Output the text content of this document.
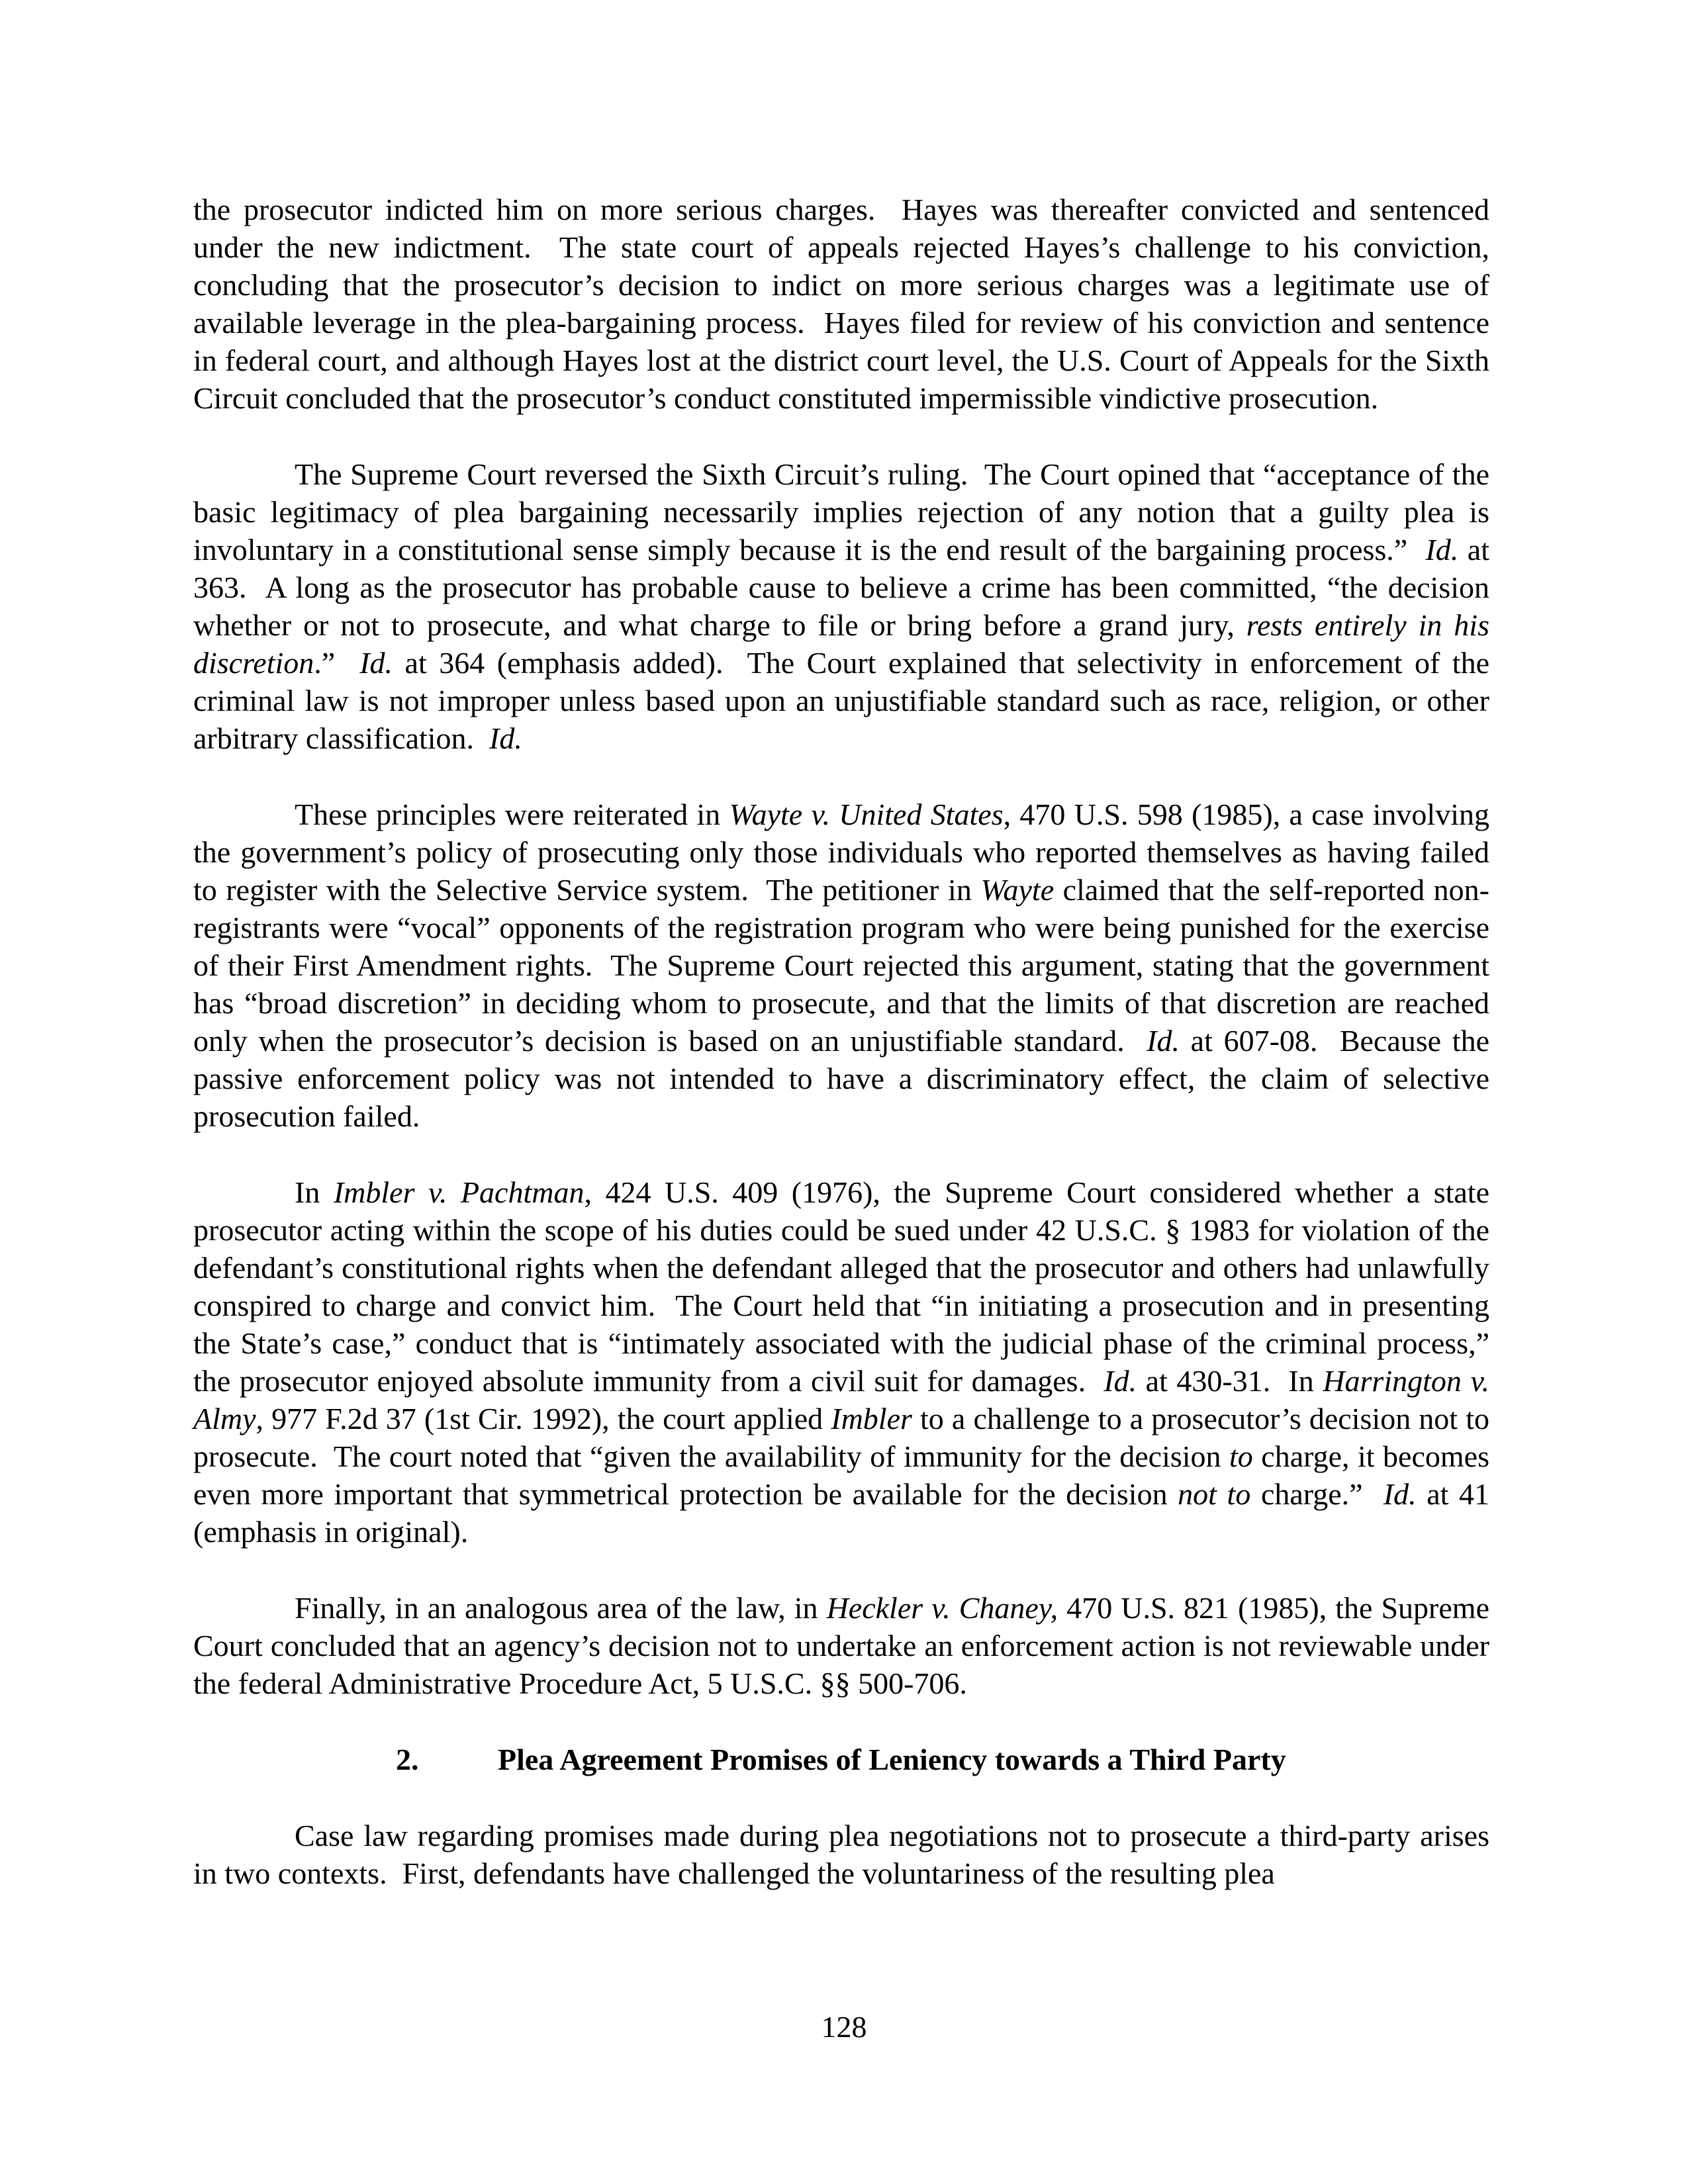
the prosecutor indicted him on more serious charges.  Hayes was thereafter convicted and sentenced under the new indictment.  The state court of appeals rejected Hayes’s challenge to his conviction, concluding that the prosecutor’s decision to indict on more serious charges was a legitimate use of available leverage in the plea-bargaining process.  Hayes filed for review of his conviction and sentence in federal court, and although Hayes lost at the district court level, the U.S. Court of Appeals for the Sixth Circuit concluded that the prosecutor’s conduct constituted impermissible vindictive prosecution.

The Supreme Court reversed the Sixth Circuit’s ruling.  The Court opined that “acceptance of the basic legitimacy of plea bargaining necessarily implies rejection of any notion that a guilty plea is involuntary in a constitutional sense simply because it is the end result of the bargaining process.”  Id. at 363.  A long as the prosecutor has probable cause to believe a crime has been committed, “the decision whether or not to prosecute, and what charge to file or bring before a grand jury, rests entirely in his discretion.”  Id. at 364 (emphasis added).  The Court explained that selectivity in enforcement of the criminal law is not improper unless based upon an unjustifiable standard such as race, religion, or other arbitrary classification.  Id.

These principles were reiterated in Wayte v. United States, 470 U.S. 598 (1985), a case involving the government’s policy of prosecuting only those individuals who reported themselves as having failed to register with the Selective Service system.  The petitioner in Wayte claimed that the self-reported non-registrants were “vocal” opponents of the registration program who were being punished for the exercise of their First Amendment rights.  The Supreme Court rejected this argument, stating that the government has “broad discretion” in deciding whom to prosecute, and that the limits of that discretion are reached only when the prosecutor’s decision is based on an unjustifiable standard.  Id. at 607-08.  Because the passive enforcement policy was not intended to have a discriminatory effect, the claim of selective prosecution failed.

In Imbler v. Pachtman, 424 U.S. 409 (1976), the Supreme Court considered whether a state prosecutor acting within the scope of his duties could be sued under 42 U.S.C. § 1983 for violation of the defendant’s constitutional rights when the defendant alleged that the prosecutor and others had unlawfully conspired to charge and convict him.  The Court held that “in initiating a prosecution and in presenting the State’s case,” conduct that is “intimately associated with the judicial phase of the criminal process,” the prosecutor enjoyed absolute immunity from a civil suit for damages.  Id. at 430-31.  In Harrington v. Almy, 977 F.2d 37 (1st Cir. 1992), the court applied Imbler to a challenge to a prosecutor’s decision not to prosecute.  The court noted that “given the availability of immunity for the decision to charge, it becomes even more important that symmetrical protection be available for the decision not to charge.”  Id. at 41 (emphasis in original).

Finally, in an analogous area of the law, in Heckler v. Chaney, 470 U.S. 821 (1985), the Supreme Court concluded that an agency’s decision not to undertake an enforcement action is not reviewable under the federal Administrative Procedure Act, 5 U.S.C. §§ 500-706.

2.	Plea Agreement Promises of Leniency towards a Third Party

Case law regarding promises made during plea negotiations not to prosecute a third-party arises in two contexts.  First, defendants have challenged the voluntariness of the resulting plea

128
